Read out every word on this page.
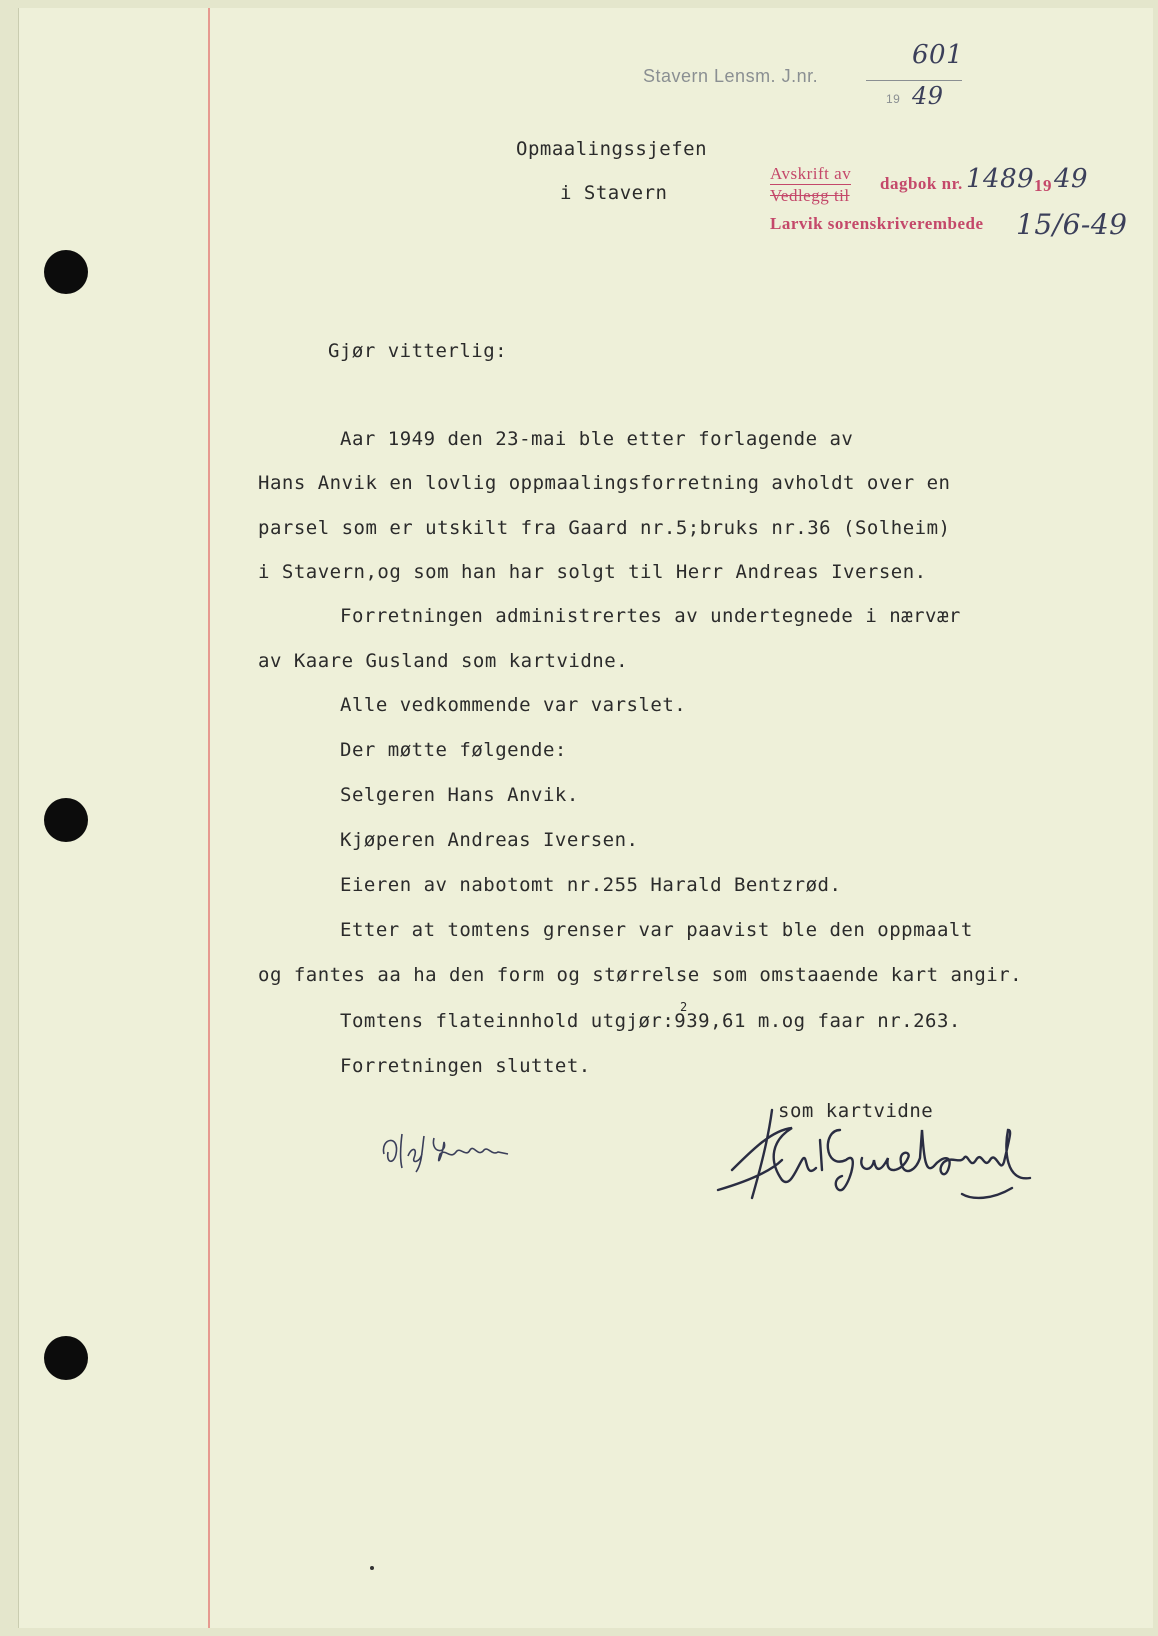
Stavern Lensm. J.nr.
601
19 49
Opmaalingssjefen
i Stavern
Avskrift av
Vedlegg til
dagbok nr. 1489 19 49
Larvik sorenskriverembede 15/6-49
Gjør vitterlig:
Aar 1949 den 23-mai ble etter forlagende av
Hans Anvik en lovlig oppmaalingsforretning avholdt over en
parsel som er utskilt fra Gaard nr.5;bruks nr.36 (Solheim)
i Stavern,og som han har solgt til Herr Andreas Iversen.
Forretningen administrertes av undertegnede i nærvær
av Kaare Gusland som kartvidne.
Alle vedkommende var varslet.
Der møtte følgende:
Selgeren Hans Anvik.
Kjøperen Andreas Iversen.
Eieren av nabotomt nr.255 Harald Bentzrød.
Etter at tomtens grenser var paavist ble den oppmaalt
og fantes aa ha den form og størrelse som omstaaende kart angir.
Tomtens flateinnhold utgjør:939,61 m.og faar nr.263.
2
Forretningen sluttet.
som kartvidne
